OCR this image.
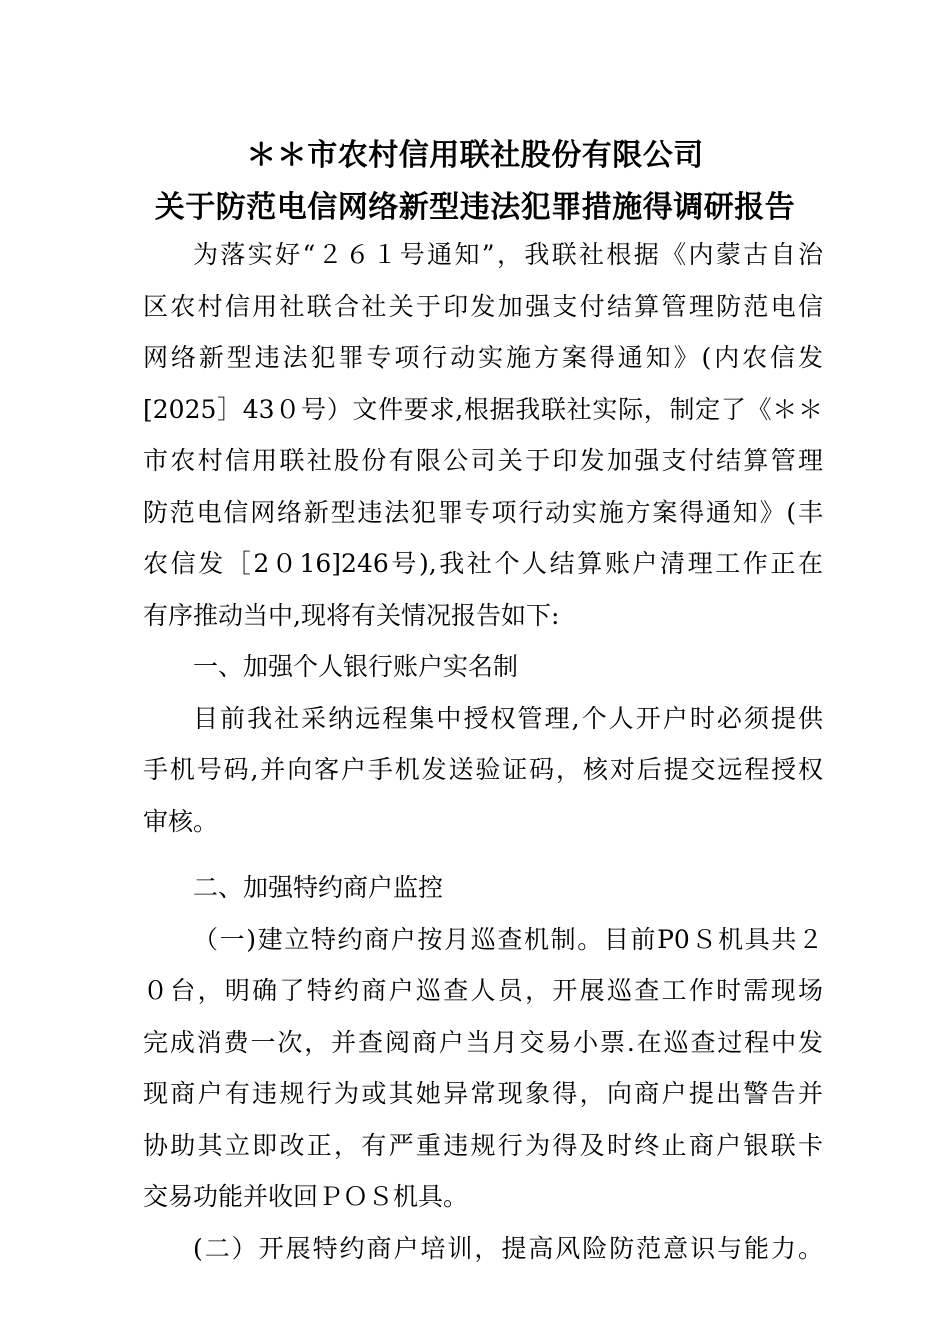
＊＊市农村信用联社股份有限公司
关于防范电信网络新型违法犯罪措施得调研报告
为落实好“２６１号通知”，我联社根据《内蒙古自治
区农村信用社联合社关于印发加强支付结算管理防范电信
网络新型违法犯罪专项行动实施方案得通知》(内农信发
[2025］43０号）文件要求,根据我联社实际，制定了《＊＊
市农村信用联社股份有限公司关于印发加强支付结算管理
防范电信网络新型违法犯罪专项行动实施方案得通知》(丰
农信发［2０16]246号),我社个人结算账户清理工作正在
有序推动当中,现将有关情况报告如下:
一、加强个人银行账户实名制
目前我社采纳远程集中授权管理,个人开户时必须提供
手机号码,并向客户手机发送验证码，核对后提交远程授权
审核。
二、加强特约商户监控
（一)建立特约商户按月巡查机制。目前P0Ｓ机具共２
０台，明确了特约商户巡查人员，开展巡查工作时需现场
完成消费一次，并查阅商户当月交易小票.在巡查过程中发
现商户有违规行为或其她异常现象得，向商户提出警告并
协助其立即改正，有严重违规行为得及时终止商户银联卡
交易功能并收回ＰＯＳ机具。
(二）开展特约商户培训，提高风险防范意识与能力。
